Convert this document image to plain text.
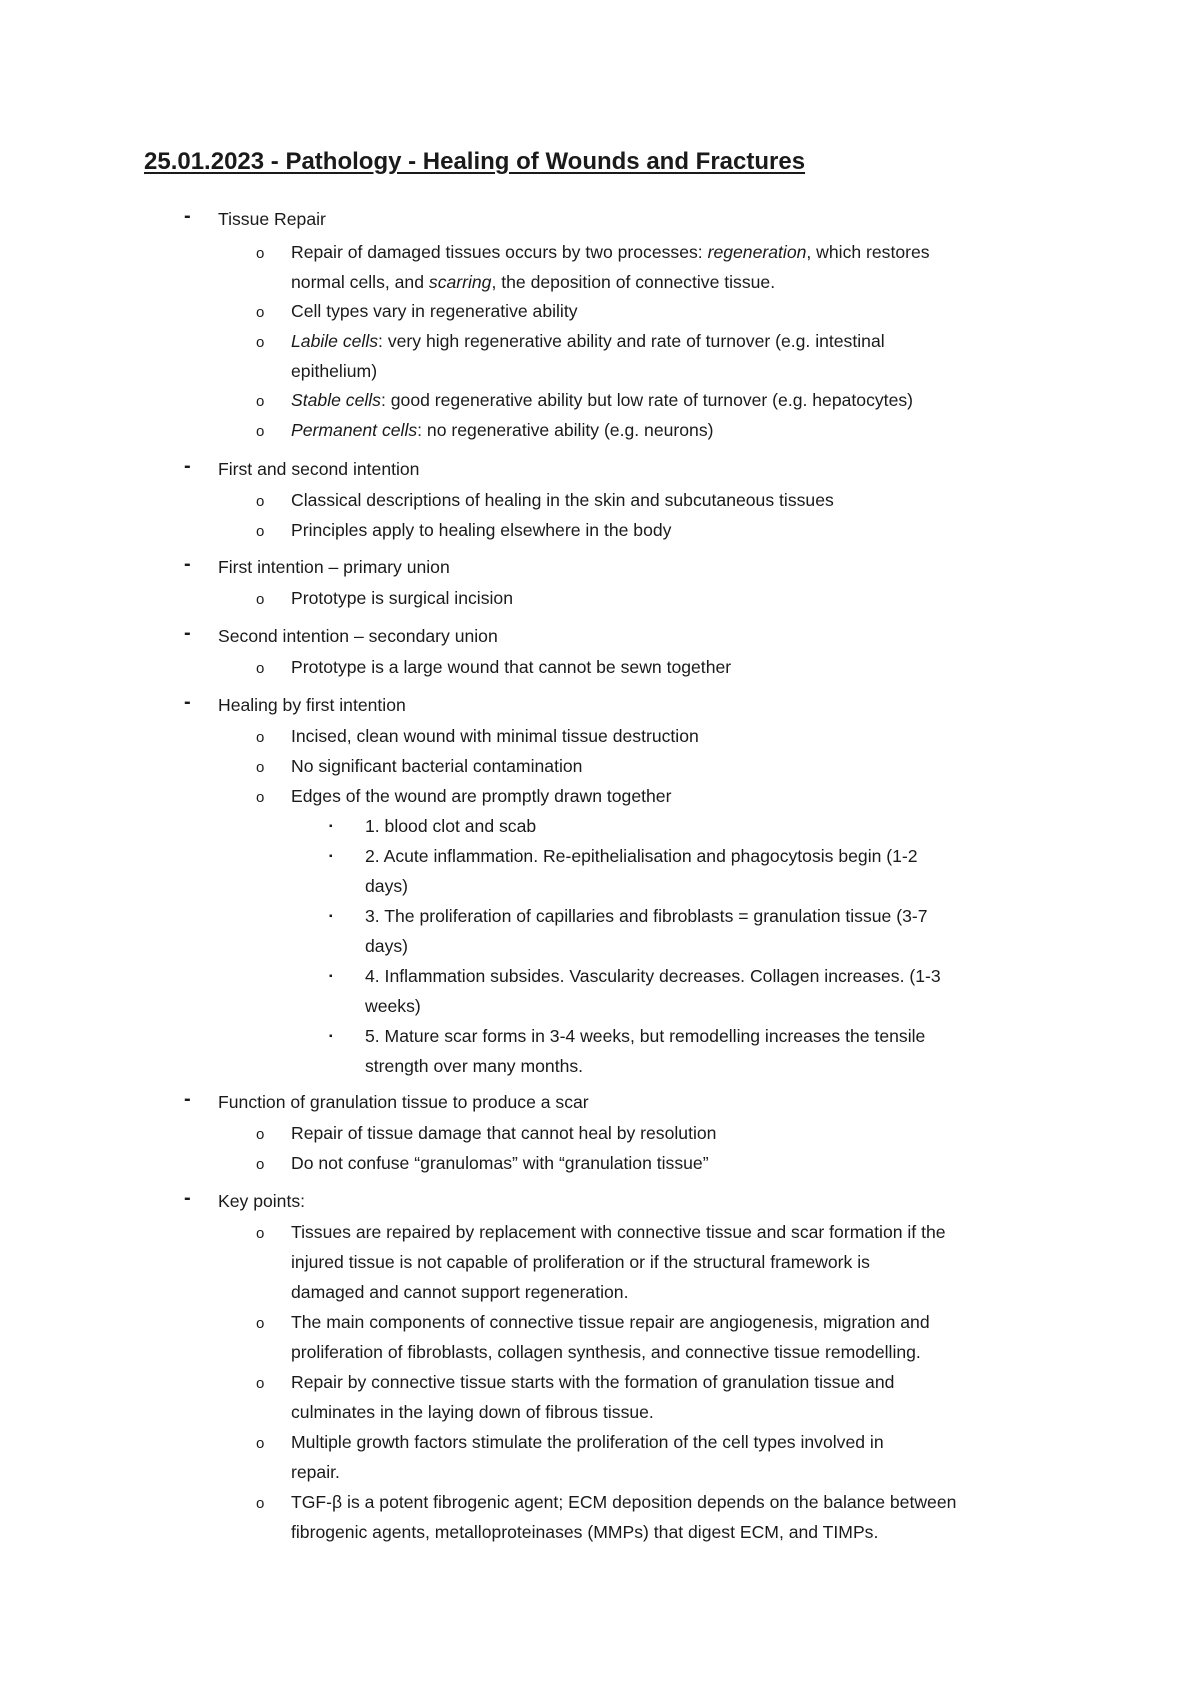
25.01.2023 - Pathology - Healing of Wounds and Fractures
- Tissue Repair
o Repair of damaged tissues occurs by two processes: regeneration, which restores
normal cells, and scarring, the deposition of connective tissue.
o Cell types vary in regenerative ability
o Labile cells: very high regenerative ability and rate of turnover (e.g. intestinal
epithelium)
o Stable cells: good regenerative ability but low rate of turnover (e.g. hepatocytes)
o Permanent cells: no regenerative ability (e.g. neurons)
- First and second intention
o Classical descriptions of healing in the skin and subcutaneous tissues
o Principles apply to healing elsewhere in the body
- First intention – primary union
o Prototype is surgical incision
- Second intention – secondary union
o Prototype is a large wound that cannot be sewn together
- Healing by first intention
o Incised, clean wound with minimal tissue destruction
o No significant bacterial contamination
o Edges of the wound are promptly drawn together
▪ 1. blood clot and scab
▪ 2. Acute inflammation. Re-epithelialisation and phagocytosis begin (1-2
days)
▪ 3. The proliferation of capillaries and fibroblasts = granulation tissue (3-7
days)
▪ 4. Inflammation subsides. Vascularity decreases. Collagen increases. (1-3
weeks)
▪ 5. Mature scar forms in 3-4 weeks, but remodelling increases the tensile
strength over many months.
- Function of granulation tissue to produce a scar
o Repair of tissue damage that cannot heal by resolution
o Do not confuse “granulomas” with “granulation tissue”
- Key points:
o Tissues are repaired by replacement with connective tissue and scar formation if the
injured tissue is not capable of proliferation or if the structural framework is
damaged and cannot support regeneration.
o The main components of connective tissue repair are angiogenesis, migration and
proliferation of fibroblasts, collagen synthesis, and connective tissue remodelling.
o Repair by connective tissue starts with the formation of granulation tissue and
culminates in the laying down of fibrous tissue.
o Multiple growth factors stimulate the proliferation of the cell types involved in
repair.
o TGF-β is a potent fibrogenic agent; ECM deposition depends on the balance between
fibrogenic agents, metalloproteinases (MMPs) that digest ECM, and TIMPs.
